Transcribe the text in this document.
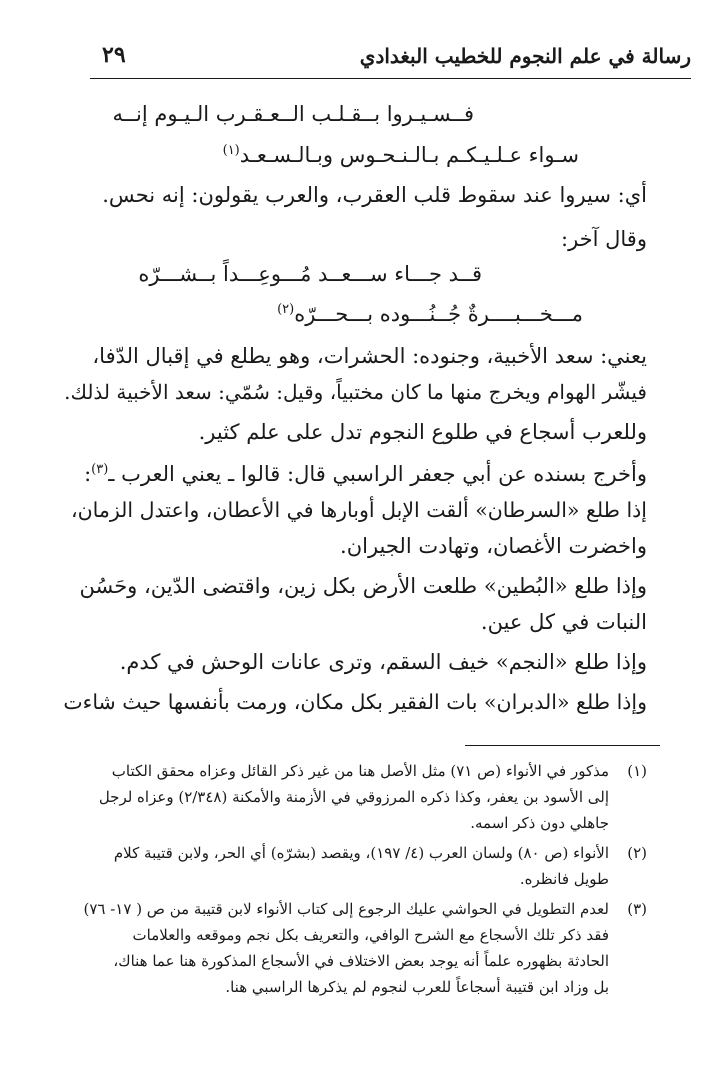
٢٩	رسالة في علم النجوم للخطيب البغدادي
فــسـيـروا بــقـلـب الــعـقـرب الـيـوم إنــه
سـواء عـلـيـكـم بـالـنـحـوس وبـالـسـعـد$^{(١)}$
أي: سيروا عند سقوط قلب العقرب، والعرب يقولون: إنه نحس.
وقال آخر:
قــد جـــاء ســـعــد مُـــوعِـــداً بــشـــرّه
مـــخـــبــــرةٌ جُــنُـــوده بـــحـــرّه$^{(٢)}$
يعني: سعد الأخبية، وجنوده: الحشرات، وهو يطلع في إقبال الدّفا،
فيشّر الهوام ويخرج منها ما كان مختبياً، وقيل: سُمّي: سعد الأخبية لذلك.
وللعرب أسجاع في طلوع النجوم تدل على علم كثير.
وأخرج بسنده عن أبي جعفر الراسبي قال: قالوا ـ يعني العرب ـ$^{(٣)}$:
إذا طلع «السرطان» ألقت الإبل أوبارها في الأعطان، واعتدل الزمان،
واخضرت الأغصان، وتهادت الجيران.
وإذا طلع «البُطين» طلعت الأرض بكل زين، واقتضى الدّين، وحَسُن
النبات في كل عين.
وإذا طلع «النجم» خيف السقم، وترى عانات الوحش في كدم.
وإذا طلع «الدبران» بات الفقير بكل مكان، ورمت بأنفسها حيث شاءت
(١)
مذكور في الأنواء (ص ٧١) مثل الأصل هنا من غير ذكر القائل وعزاه محقق الكتاب
إلى الأسود بن يعفر، وكذا ذكره المرزوقي في الأزمنة والأمكنة (٢/٣٤٨) وعزاه لرجل
جاهلي دون ذكر اسمه.
(٢)
الأنواء (ص ٨٠) ولسان العرب (٤/ ١٩٧)، ويقصد (بشرّه) أي الحر، ولابن قتيبة كلام
طويل فانظره.
(٣)
لعدم التطويل في الحواشي عليك الرجوع إلى كتاب الأنواء لابن قتيبة من ص ( ١٧- ٧٦)
فقد ذكر تلك الأسجاع مع الشرح الوافي، والتعريف بكل نجم وموقعه والعلامات
الحادثة بظهوره علماً أنه يوجد بعض الاختلاف في الأسجاع المذكورة هنا عما هناك،
بل وزاد ابن قتيبة أسجاعاً للعرب لنجوم لم يذكرها الراسبي هنا.
